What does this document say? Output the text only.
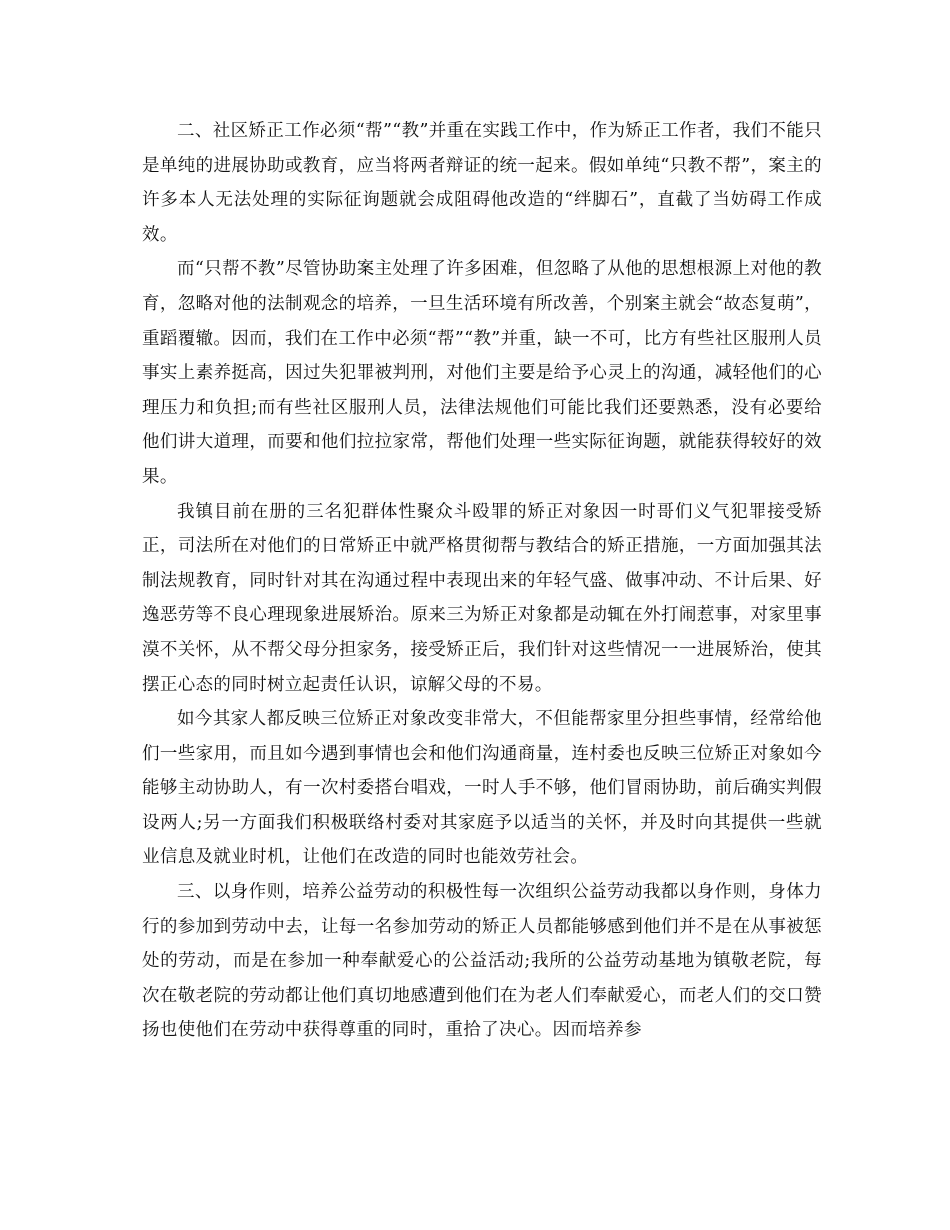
二、社区矫正工作必须“帮”“教”并重在实践工作中，作为矫正工作者，我们不能只是单纯的进展协助或教育，应当将两者辩证的统一起来。假如单纯“只教不帮”，案主的许多本人无法处理的实际征询题就会成阻碍他改造的“绊脚石”，直截了当妨碍工作成效。

而“只帮不教”尽管协助案主处理了许多困难，但忽略了从他的思想根源上对他的教育，忽略对他的法制观念的培养，一旦生活环境有所改善，个别案主就会“故态复萌”，重蹈覆辙。因而，我们在工作中必须“帮”“教”并重，缺一不可，比方有些社区服刑人员事实上素养挺高，因过失犯罪被判刑，对他们主要是给予心灵上的沟通，减轻他们的心理压力和负担;而有些社区服刑人员，法律法规他们可能比我们还要熟悉，没有必要给他们讲大道理，而要和他们拉拉家常，帮他们处理一些实际征询题，就能获得较好的效果。

我镇目前在册的三名犯群体性聚众斗殴罪的矫正对象因一时哥们义气犯罪接受矫正，司法所在对他们的日常矫正中就严格贯彻帮与教结合的矫正措施，一方面加强其法制法规教育，同时针对其在沟通过程中表现出来的年轻气盛、做事冲动、不计后果、好逸恶劳等不良心理现象进展矫治。原来三为矫正对象都是动辄在外打闹惹事，对家里事漠不关怀，从不帮父母分担家务，接受矫正后，我们针对这些情况一一进展矫治，使其摆正心态的同时树立起责任认识，谅解父母的不易。

如今其家人都反映三位矫正对象改变非常大，不但能帮家里分担些事情，经常给他们一些家用，而且如今遇到事情也会和他们沟通商量，连村委也反映三位矫正对象如今能够主动协助人，有一次村委搭台唱戏，一时人手不够，他们冒雨协助，前后确实判假设两人;另一方面我们积极联络村委对其家庭予以适当的关怀，并及时向其提供一些就业信息及就业时机，让他们在改造的同时也能效劳社会。

三、以身作则，培养公益劳动的积极性每一次组织公益劳动我都以身作则，身体力行的参加到劳动中去，让每一名参加劳动的矫正人员都能够感到他们并不是在从事被惩处的劳动，而是在参加一种奉献爱心的公益活动;我所的公益劳动基地为镇敬老院，每次在敬老院的劳动都让他们真切地感遭到他们在为老人们奉献爱心，而老人们的交口赞扬也使他们在劳动中获得尊重的同时，重拾了决心。因而培养参
